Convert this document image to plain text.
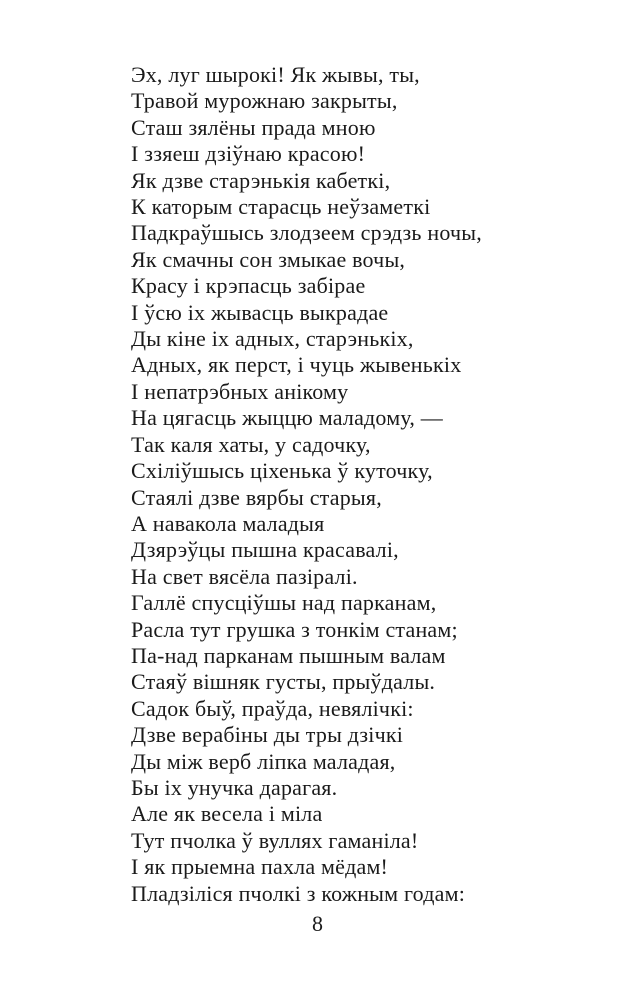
Эх, луг шырокі! Як жывы, ты,
Травой мурожнаю закрыты,
Сташ зялёны прада мною
І ззяеш дзіўнаю красою!
Як дзве старэнькія кабеткі,
К каторым старасць неўзаметкі
Падкраўшысь злодзеем срэдзь ночы,
Як смачны сон змыкае вочы,
Красу і крэпасць забірае
І ўсю іх жывасць выкрадае
Ды кіне іх адных, старэнькіх,
Адных, як перст, і чуць жывенькіх
І непатрэбных анікому
На цягасць жыццю маладому, —
Так каля хаты, у садочку,
Схіліўшысь ціхенька ў куточку,
Стаялі дзве вярбы старыя,
А навакола маладыя
Дзярэўцы пышна красавалі,
На свет вясёла пазіралі.
Галлё спусціўшы над парканам,
Расла тут грушка з тонкім станам;
Па-над парканам пышным валам
Стаяў вішняк густы, прыўдалы.
Садок быў, праўда, невялічкі:
Дзве верабіны ды тры дзічкі
Ды між верб ліпка маладая,
Бы іх унучка дарагая.
Але як весела і міла
Тут пчолка ў вуллях гаманіла!
І як прыемна пахла мёдам!
Пладзіліся пчолкі з кожным годам:
8
